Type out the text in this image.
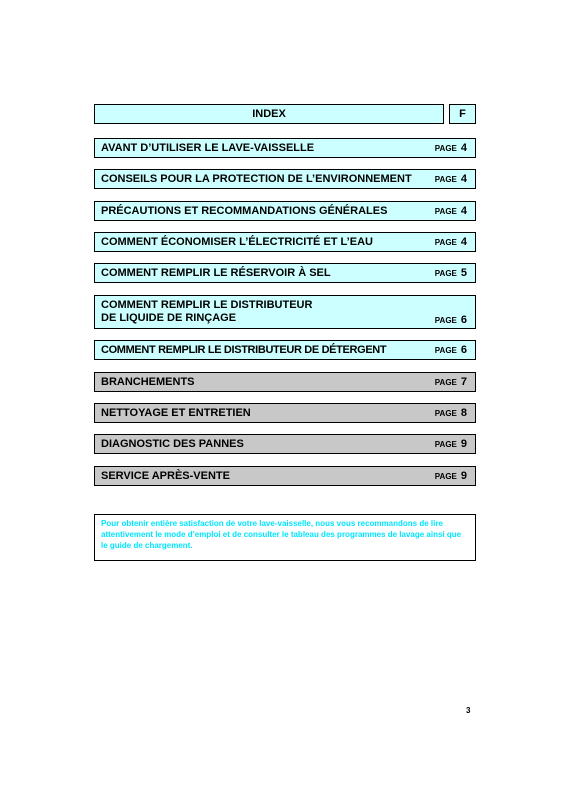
INDEX	F
AVANT D’UTILISER LE LAVE-VAISSELLE	PAGE 4
CONSEILS POUR LA PROTECTION DE L’ENVIRONNEMENT	PAGE 4
PRÉCAUTIONS ET RECOMMANDATIONS GÉNÉRALES	PAGE 4
COMMENT ÉCONOMISER L’ÉLECTRICITÉ ET L’EAU	PAGE 4
COMMENT REMPLIR LE RÉSERVOIR À SEL	PAGE 5
COMMENT REMPLIR LE DISTRIBUTEUR
DE LIQUIDE DE RINÇAGE	PAGE 6
COMMENT REMPLIR LE DISTRIBUTEUR DE DÉTERGENT	PAGE 6
BRANCHEMENTS	PAGE 7
NETTOYAGE ET ENTRETIEN	PAGE 8
DIAGNOSTIC DES PANNES	PAGE 9
SERVICE APRÈS-VENTE	PAGE 9
Pour obtenir entière satisfaction de votre lave-vaisselle, nous vous recommandons de lire attentivement le mode d’emploi et de consulter le tableau des programmes de lavage ainsi que le guide de chargement.
3
